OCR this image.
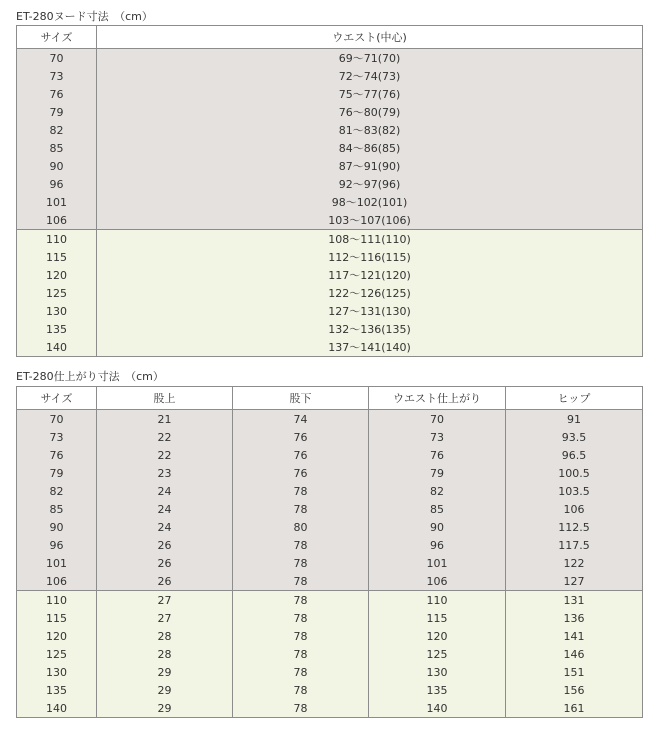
ET-280ヌード寸法　（cm）
サイズ	ウエスト(中心)
70	69～71(70)
73	72～74(73)
76	75～77(76)
79	76～80(79)
82	81～83(82)
85	84～86(85)
90	87～91(90)
96	92～97(96)
101	98～102(101)
106	103～107(106)
110	108～111(110)
115	112～116(115)
120	117～121(120)
125	122～126(125)
130	127～131(130)
135	132～136(135)
140	137～141(140)
ET-280仕上がり寸法　（cm）
サイズ	股上	股下	ウエスト仕上がり	ヒップ
70	21	74	70	91
73	22	76	73	93.5
76	22	76	76	96.5
79	23	76	79	100.5
82	24	78	82	103.5
85	24	78	85	106
90	24	80	90	112.5
96	26	78	96	117.5
101	26	78	101	122
106	26	78	106	127
110	27	78	110	131
115	27	78	115	136
120	28	78	120	141
125	28	78	125	146
130	29	78	130	151
135	29	78	135	156
140	29	78	140	161
